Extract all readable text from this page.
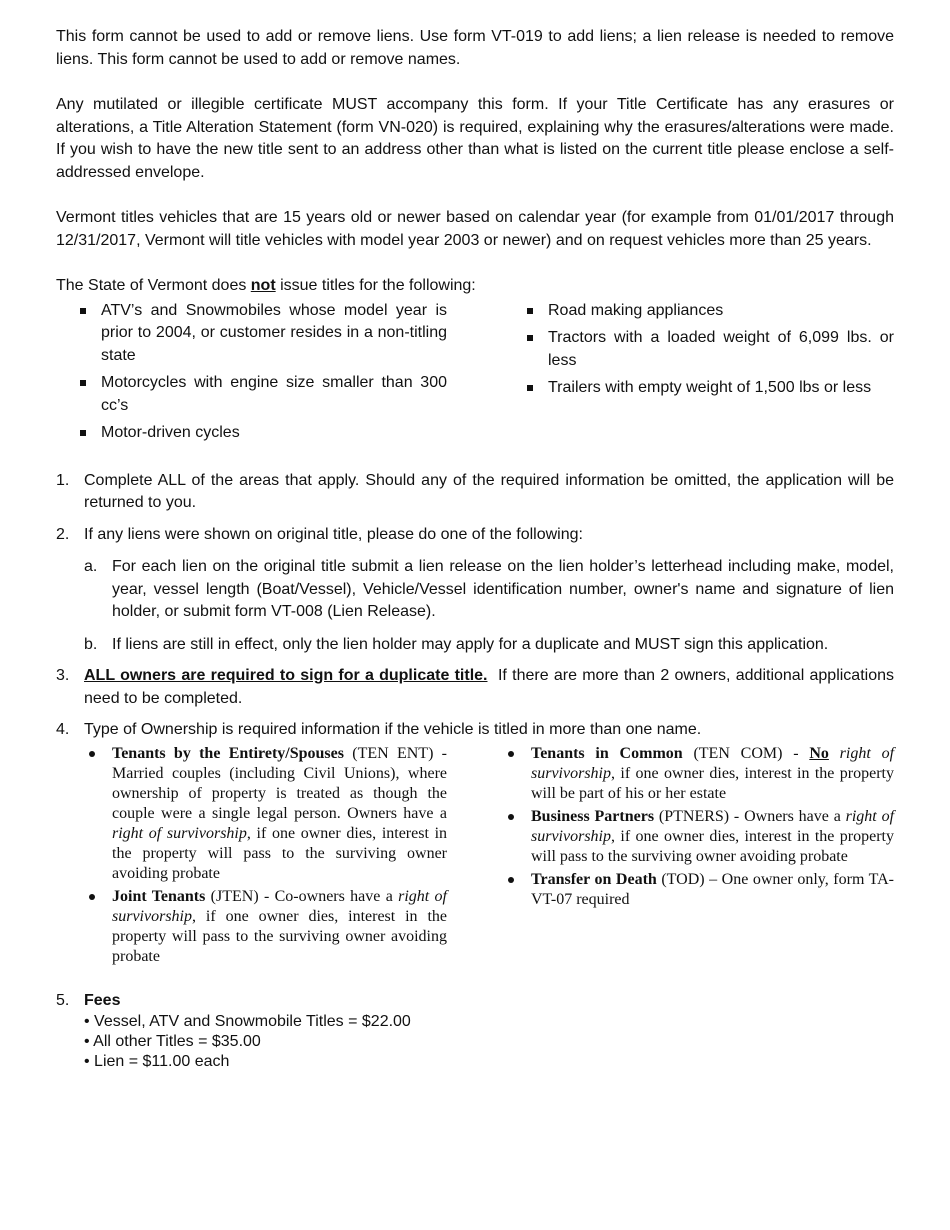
This form cannot be used to add or remove liens. Use form VT-019 to add liens; a lien release is needed to remove liens. This form cannot be used to add or remove names.

Any mutilated or illegible certificate MUST accompany this form. If your Title Certificate has any erasures or alterations, a Title Alteration Statement (form VN-020) is required, explaining why the erasures/alterations were made. If you wish to have the new title sent to an address other than what is listed on the current title please enclose a self-addressed envelope.

Vermont titles vehicles that are 15 years old or newer based on calendar year (for example from 01/01/2017 through 12/31/2017, Vermont will title vehicles with model year 2003 or newer) and on request vehicles more than 25 years.

The State of Vermont does not issue titles for the following:

ATV’s and Snowmobiles whose model year is prior to 2004, or customer resides in a non-titling state
Motorcycles with engine size smaller than 300 cc’s
Motor-driven cycles
Road making appliances
Tractors with a loaded weight of 6,099 lbs. or less
Trailers with empty weight of 1,500 lbs or less
1. Complete ALL of the areas that apply. Should any of the required information be omitted, the application will be returned to you.
2. If any liens were shown on original title, please do one of the following:
a. For each lien on the original title submit a lien release on the lien holder’s letterhead including make, model, year, vessel length (Boat/Vessel), Vehicle/Vessel identification number, owner's name and signature of lien holder, or submit form VT-008 (Lien Release).
b. If liens are still in effect, only the lien holder may apply for a duplicate and MUST sign this application.
3. ALL owners are required to sign for a duplicate title.  If there are more than 2 owners, additional applications need to be completed.
4. Type of Ownership is required information if the vehicle is titled in more than one name.
Tenants by the Entirety/Spouses (TEN ENT) - Married couples (including Civil Unions), where ownership of property is treated as though the couple were a single legal person. Owners have a right of survivorship, if one owner dies, interest in the property will pass to the surviving owner avoiding probate
Joint Tenants (JTEN) - Co-owners have a right of survivorship, if one owner dies, interest in the property will pass to the surviving owner avoiding probate
Tenants in Common (TEN COM) - No right of survivorship, if one owner dies, interest in the property will be part of his or her estate
Business Partners (PTNERS) - Owners have a right of survivorship, if one owner dies, interest in the property will pass to the surviving owner avoiding probate
Transfer on Death (TOD) – One owner only, form TA-VT-07 required
5. Fees
• Vessel, ATV and Snowmobile Titles = $22.00
• All other Titles = $35.00
• Lien = $11.00 each
